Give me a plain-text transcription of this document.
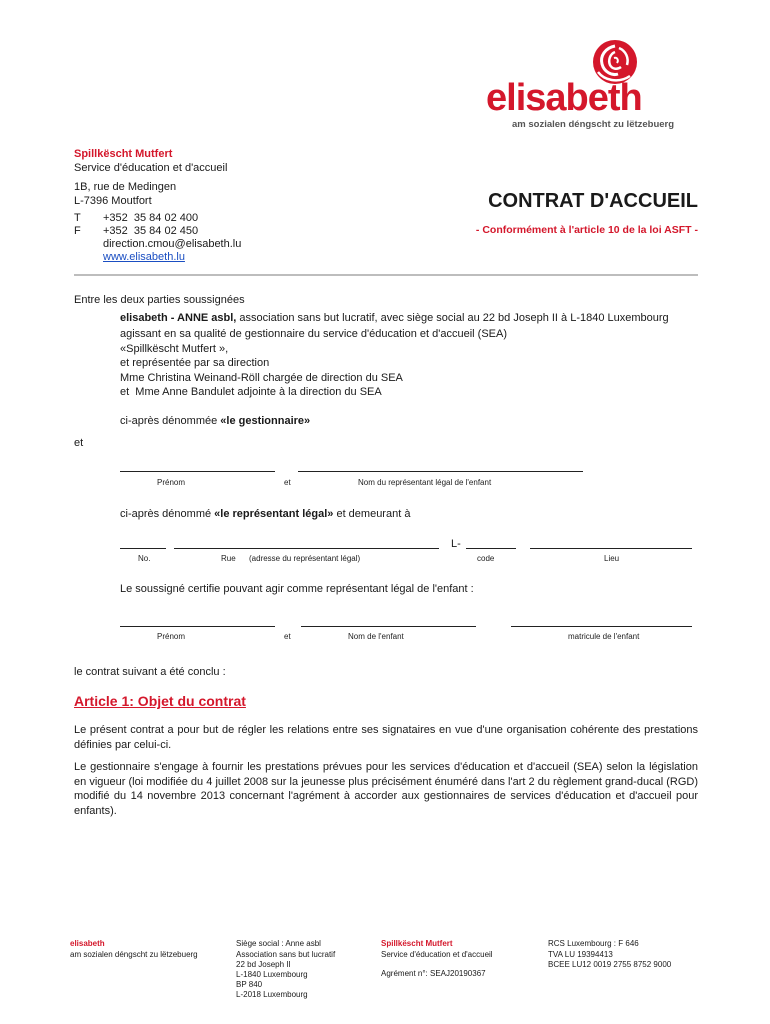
elisabeth
am sozialen déngscht zu lëtzebuerg
Spillkëscht Mutfert
Service d'éducation et d'accueil
1B, rue de Medingen
L-7396 Moutfort
T +352  35 84 02 400
F +352  35 84 02 450
direction.cmou@elisabeth.lu
www.elisabeth.lu
CONTRAT D'ACCUEIL
- Conformément à l'article 10 de la loi ASFT -
Entre les deux parties soussignées
elisabeth - ANNE asbl, association sans but lucratif, avec siège social au 22 bd Joseph II à L-1840 Luxembourg
agissant en sa qualité de gestionnaire du service d'éducation et d'accueil (SEA)
«Spillkëscht Mutfert »,
et représentée par sa direction
Mme Christina Weinand-Röll chargée de direction du SEA
et  Mme Anne Bandulet adjointe à la direction du SEA
ci-après dénommée «le gestionnaire»
et
Prénom	et	Nom du représentant légal de l'enfant
ci-après dénommé «le représentant légal» et demeurant à
L-
No.	Rue (adresse du représentant légal)	code	Lieu
Le soussigné certifie pouvant agir comme représentant légal de l'enfant :
Prénom	et	Nom de l'enfant	matricule de l'enfant
le contrat suivant a été conclu :
Article 1: Objet du contrat
Le présent contrat a pour but de régler les relations entre ses signataires en vue d'une organisation cohérente des prestations définies par celui-ci.
Le gestionnaire s'engage à fournir les prestations prévues pour les services d'éducation et d'accueil (SEA) selon la législation en vigueur (loi modifiée du 4 juillet 2008 sur la jeunesse plus précisément énuméré dans l'art 2 du règlement grand-ducal (RGD) modifié du 14 novembre 2013 concernant l'agrément à accorder aux gestionnaires de services d'éducation et d'accueil pour enfants).
elisabeth
am sozialen déngscht zu lëtzebuerg
Siège social : Anne asbl
Association sans but lucratif
22 bd Joseph II
L-1840 Luxembourg
BP 840
L-2018 Luxembourg
Spillkëscht Mutfert
Service d'éducation et d'accueil
Agrément n°: SEAJ20190367
RCS Luxembourg : F 646
TVA LU 19394413
BCEE LU12 0019 2755 8752 9000
